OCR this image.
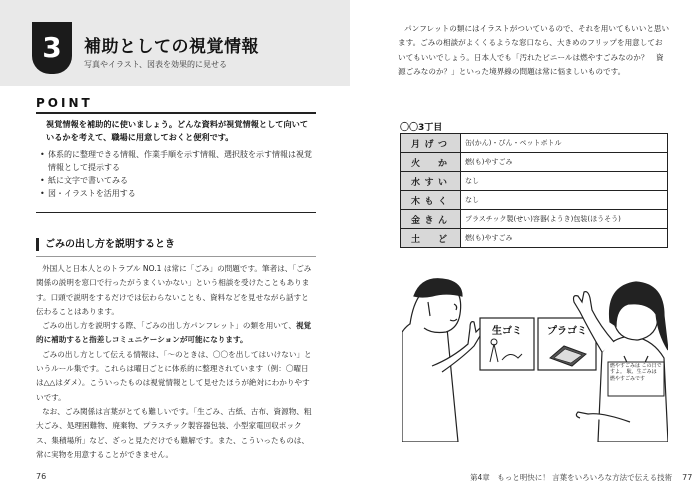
3	補助としての視覚情報
写真やイラスト、図表を効果的に見せる
POINT
視覚情報を補助的に使いましょう。どんな資料が視覚情報として向いているかを考えて、職場に用意しておくと便利です。
• 体系的に整理できる情報、作業手順を示す情報、選択肢を示す情報は視覚情報として提示する
• 紙に文字で書いてみる
• 図・イラストを活用する
ごみの出し方を説明するとき

外国人と日本人とのトラブル NO.1 は常に「ごみ」の問題です。筆者は、「ごみ関係の説明を窓口で行ったがうまくいかない」という相談を受けたこともあります。口頭で説明をするだけでは伝わらないことも、資料などを見せながら話すと伝わることはあります。

ごみの出し方を説明する際、「ごみの出し方パンフレット」の類を用いて、視覚的に補助すると指差しコミュニケーションが可能になります。

ごみの出し方として伝える情報は、「～のときは、〇〇を出してはいけない」というルール集です。これらは曜日ごとに体系的に整理されています（例：〇曜日は△△はダメ）。こういったものは視覚情報として見せたほうが絶対にわかりやすいです。

なお、ごみ関係は言葉がとても難しいです。「生ごみ、古紙、古布、資源物、粗大ごみ、処理困難物、廃棄物、プラスチック製容器包装、小型家電回収ボックス、集積場所」など、ざっと見ただけでも難解です。また、こういったものは、常に実物を用意することができません。

76

パンフレットの類にはイラストがついているので、それを用いてもいいと思います。ごみの相談がよくくるような窓口なら、大きめのフリップを用意しておいてもいいでしょう。日本人でも「汚れたビニールは燃やすごみなのか？　資源ごみなのか？」といった境界線の問題は常に悩ましいものです。

〇〇3丁目
月げつ	缶(かん)・びん・ペットボトル
火か	燃(も)やすごみ
水すい	なし
木もく	なし
金きん	プラスチック製(せい)容器(ようき)包装(ほうそう)
土ど	燃(も)やすごみ
生ゴミ	プラゴミ
燃やすごみは この日ですよ。 駄、生ごみは 燃やすごみです
第4章　もっと明快に！ 言葉をいろいろな方法で伝える技術 77
